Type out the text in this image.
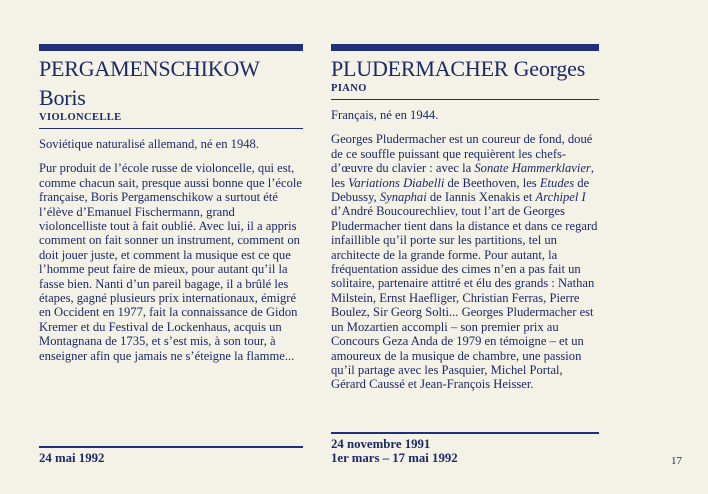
PERGAMENSCHIKOW
Boris
VIOLONCELLE

Soviétique naturalisé allemand, né en 1948.

Pur produit de l’école russe de violoncelle, qui est, comme chacun sait, presque aussi bonne que l’école française, Boris Pergamenschikow a surtout été l’élève d’Emanuel Fischermann, grand violoncelliste tout à fait oublié. Avec lui, il a appris comment on fait sonner un instrument, comment on doit jouer juste, et comment la musique est ce que l’homme peut faire de mieux, pour autant qu’il la fasse bien. Nanti d’un pareil bagage, il a brûlé les étapes, gagné plusieurs prix internationaux, émigré en Occident en 1977, fait la connaissance de Gidon Kremer et du Festival de Lockenhaus, acquis un Montagnana de 1735, et s’est mis, à son tour, à enseigner afin que jamais ne s’éteigne la flamme...

24 mai 1992
PLUDERMACHER Georges
PIANO

Français, né en 1944.

Georges Pludermacher est un coureur de fond, doué de ce souffle puissant que requièrent les chefs-d’œuvre du clavier : avec la Sonate Hammerklavier, les Variations Diabelli de Beethoven, les Etudes de Debussy, Synaphai de Iannis Xenakis et Archipel I d’André Boucourechliev, tout l’art de Georges Pludermacher tient dans la distance et dans ce regard infaillible qu’il porte sur les partitions, tel un architecte de la grande forme. Pour autant, la fréquentation assidue des cimes n’en a pas fait un solitaire, partenaire attitré et élu des grands : Nathan Milstein, Ernst Haefliger, Christian Ferras, Pierre Boulez, Sir Georg Solti... Georges Pludermacher est un Mozartien accompli – son premier prix au Concours Geza Anda de 1979 en témoigne – et un amoureux de la musique de chambre, une passion qu’il partage avec les Pasquier, Michel Portal, Gérard Caussé et Jean-François Heisser.

24 novembre 1991
1er mars – 17 mai 1992	17
